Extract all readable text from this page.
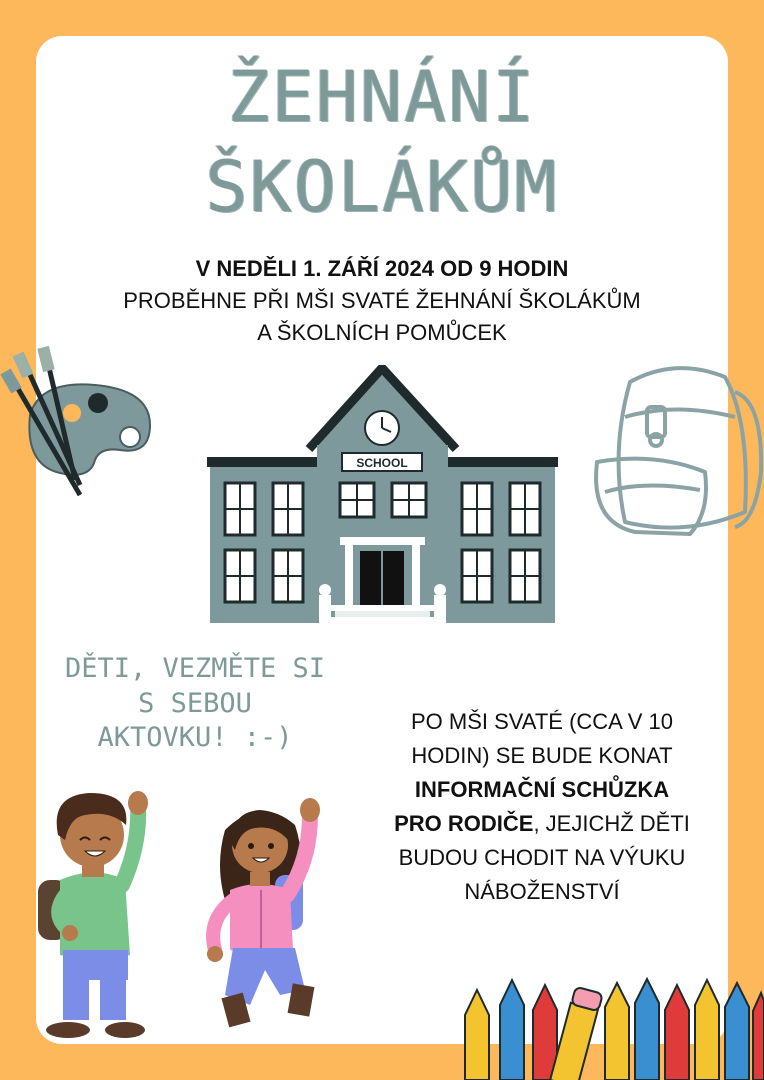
ŽEHNÁNÍ
ŠKOLÁKŮM
V NEDĚLI 1. ZÁŘÍ 2024 OD 9 HODIN
PROBĚHNE PŘI MŠI SVATÉ ŽEHNÁNÍ ŠKOLÁKŮM
A ŠKOLNÍCH POMŮCEK
SCHOOL
DĚTI, VEZMĚTE SI
S SEBOU
AKTOVKU! :-)
PO MŠI SVATÉ (CCA V 10
HODIN) SE BUDE KONAT
INFORMAČNÍ SCHŮZKA
PRO RODIČE, JEJICHŽ DĚTI
BUDOU CHODIT NA VÝUKU
NÁBOŽENSTVÍ
